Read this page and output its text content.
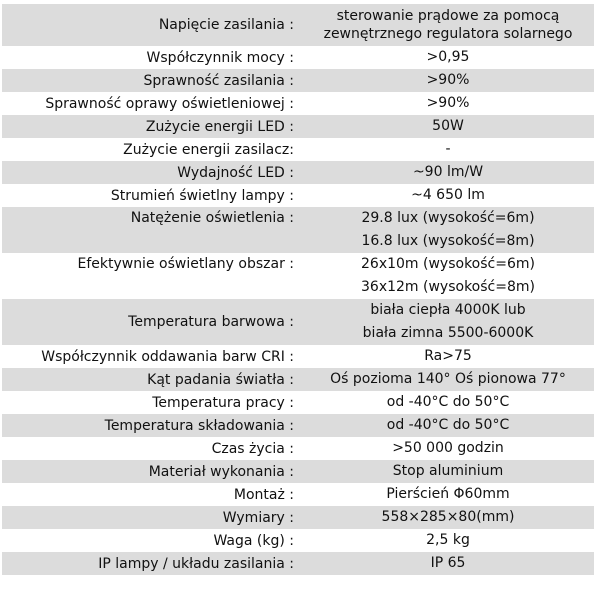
Napięcie zasilania :	sterowanie prądowe za pomocą
zewnętrznego regulatora solarnego

Współczynnik mocy :	>0,95

Sprawność zasilania :	>90%

Sprawność oprawy oświetleniowej :	>90%

Zużycie energii LED :	50W

Zużycie energii zasilacz:	-

Wydajność LED :	~90 lm/W

Strumień świetlny lampy :	~4 650 lm

Natężenie oświetlenia :	29.8 lux (wysokość=6m)
16.8 lux (wysokość=8m)

Efektywnie oświetlany obszar :	26x10m (wysokość=6m)
36x12m (wysokość=8m)

Temperatura barwowa :	biała ciepła 4000K lub
biała zimna 5500-6000K

Współczynnik oddawania barw CRI :	Ra>75

Kąt padania światła :	Oś pozioma 140° Oś pionowa 77°

Temperatura pracy :	od -40°C do 50°C

Temperatura składowania :	od -40°C do 50°C

Czas życia :	>50 000 godzin

Materiał wykonania :	Stop aluminium

Montaż :	Pierścień Φ60mm

Wymiary :	558×285×80(mm)

Waga (kg) :	2,5 kg

IP lampy / układu zasilania :	IP 65
